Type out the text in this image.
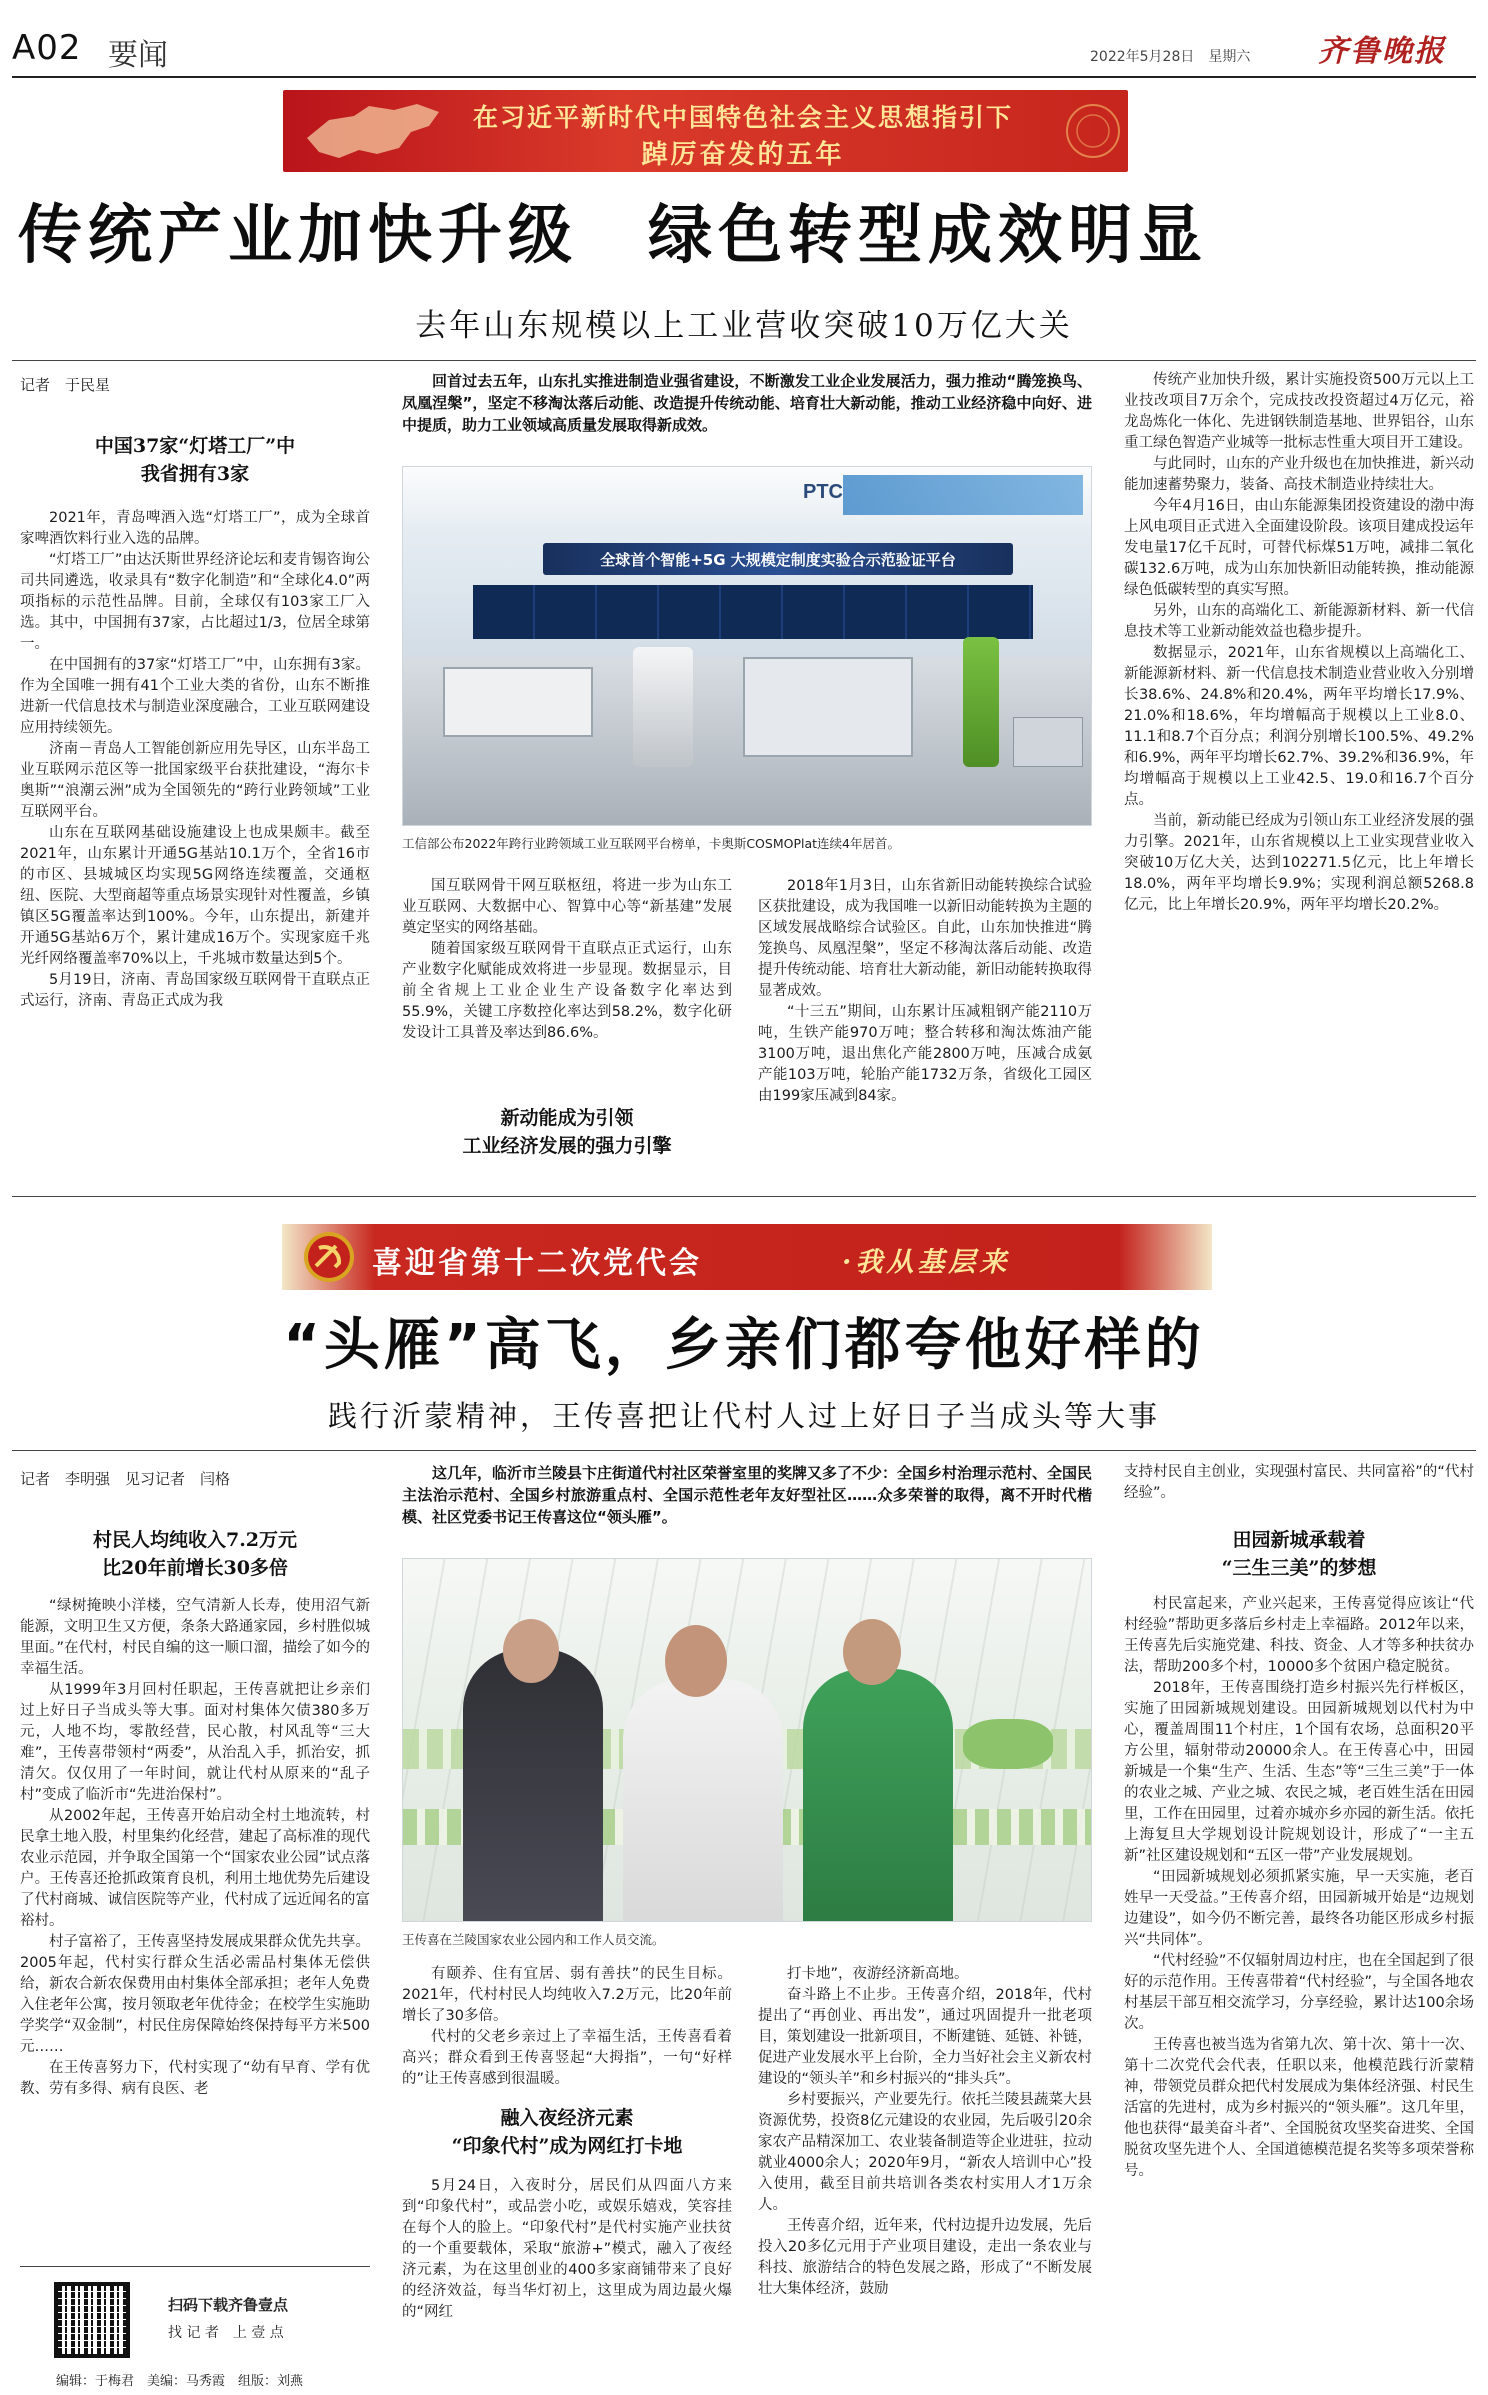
A02 要闻	2022年5月28日　星期六 齐鲁晚报
在习近平新时代中国特色社会主义思想指引下
踔厉奋发的五年
传统产业加快升级　绿色转型成效明显
去年山东规模以上工业营收突破10万亿大关
记者　于民星
中国37家“灯塔工厂”中
我省拥有3家

2021年，青岛啤酒入选“灯塔工厂”，成为全球首家啤酒饮料行业入选的品牌。

“灯塔工厂”由达沃斯世界经济论坛和麦肯锡咨询公司共同遴选，收录具有“数字化制造”和“全球化4.0”两项指标的示范性品牌。目前，全球仅有103家工厂入选。其中，中国拥有37家，占比超过1/3，位居全球第一。

在中国拥有的37家“灯塔工厂”中，山东拥有3家。作为全国唯一拥有41个工业大类的省份，山东不断推进新一代信息技术与制造业深度融合，工业互联网建设应用持续领先。

济南－青岛人工智能创新应用先导区，山东半岛工业互联网示范区等一批国家级平台获批建设，“海尔卡奥斯”“浪潮云洲”成为全国领先的“跨行业跨领域”工业互联网平台。

山东在互联网基础设施建设上也成果颇丰。截至2021年，山东累计开通5G基站10.1万个，全省16市的市区、县城城区均实现5G网络连续覆盖，交通枢纽、医院、大型商超等重点场景实现针对性覆盖，乡镇镇区5G覆盖率达到100%。今年，山东提出，新建并开通5G基站6万个，累计建成16万个。实现家庭千兆光纤网络覆盖率70%以上，千兆城市数量达到5个。

5月19日，济南、青岛国家级互联网骨干直联点正式运行，济南、青岛正式成为我

回首过去五年，山东扎实推进制造业强省建设，不断激发工业企业发展活力，强力推动“腾笼换鸟、凤凰涅槃”，坚定不移淘汰落后动能、改造提升传统动能、培育壮大新动能，推动工业经济稳中向好、进中提质，助力工业领域高质量发展取得新成效。
PTC
全球首个智能+5G 大规模定制度实验合示范验证平台
工信部公布2022年跨行业跨领域工业互联网平台榜单，卡奥斯COSMOPlat连续4年居首。

国互联网骨干网互联枢纽，将进一步为山东工业互联网、大数据中心、智算中心等“新基建”发展奠定坚实的网络基础。

随着国家级互联网骨干直联点正式运行，山东产业数字化赋能成效将进一步显现。数据显示，目前全省规上工业企业生产设备数字化率达到55.9%，关键工序数控化率达到58.2%，数字化研发设计工具普及率达到86.6%。

新动能成为引领
工业经济发展的强力引擎

2018年1月3日，山东省新旧动能转换综合试验区获批建设，成为我国唯一以新旧动能转换为主题的区域发展战略综合试验区。自此，山东加快推进“腾笼换鸟、凤凰涅槃”，坚定不移淘汰落后动能、改造提升传统动能、培育壮大新动能，新旧动能转换取得显著成效。

“十三五”期间，山东累计压减粗钢产能2110万吨，生铁产能970万吨；整合转移和淘汰炼油产能3100万吨，退出焦化产能2800万吨，压减合成氨产能103万吨，轮胎产能1732万条，省级化工园区由199家压减到84家。

传统产业加快升级，累计实施投资500万元以上工业技改项目7万余个，完成技改投资超过4万亿元，裕龙岛炼化一体化、先进钢铁制造基地、世界铝谷，山东重工绿色智造产业城等一批标志性重大项目开工建设。

与此同时，山东的产业升级也在加快推进，新兴动能加速蓄势聚力，装备、高技术制造业持续壮大。

今年4月16日，由山东能源集团投资建设的渤中海上风电项目正式进入全面建设阶段。该项目建成投运年发电量17亿千瓦时，可替代标煤51万吨，减排二氧化碳132.6万吨，成为山东加快新旧动能转换，推动能源绿色低碳转型的真实写照。

另外，山东的高端化工、新能源新材料、新一代信息技术等工业新动能效益也稳步提升。

数据显示，2021年，山东省规模以上高端化工、新能源新材料、新一代信息技术制造业营业收入分别增长38.6%、24.8%和20.4%，两年平均增长17.9%、21.0%和18.6%，年均增幅高于规模以上工业8.0、11.1和8.7个百分点；利润分别增长100.5%、49.2%和6.9%，两年平均增长62.7%、39.2%和36.9%，年均增幅高于规模以上工业42.5、19.0和16.7个百分点。

当前，新动能已经成为引领山东工业经济发展的强力引擎。2021年，山东省规模以上工业实现营业收入突破10万亿大关，达到102271.5亿元，比上年增长18.0%，两年平均增长9.9%；实现利润总额5268.8亿元，比上年增长20.9%，两年平均增长20.2%。

喜迎省第十二次党代会	·我从基层来
“头雁”高飞，乡亲们都夸他好样的
践行沂蒙精神，王传喜把让代村人过上好日子当成头等大事
记者　李明强　见习记者　闫格
村民人均纯收入7.2万元
比20年前增长30多倍

“绿树掩映小洋楼，空气清新人长寿，使用沼气新能源，文明卫生又方便，条条大路通家园，乡村胜似城里面。”在代村，村民自编的这一顺口溜，描绘了如今的幸福生活。

从1999年3月回村任职起，王传喜就把让乡亲们过上好日子当成头等大事。面对村集体欠债380多万元，人地不均，零散经营，民心散，村风乱等“三大难”，王传喜带领村“两委”，从治乱入手，抓治安，抓清欠。仅仅用了一年时间，就让代村从原来的“乱子村”变成了临沂市“先进治保村”。

从2002年起，王传喜开始启动全村土地流转，村民拿土地入股，村里集约化经营，建起了高标准的现代农业示范园，并争取全国第一个“国家农业公园”试点落户。王传喜还抢抓政策育良机，利用土地优势先后建设了代村商城、诚信医院等产业，代村成了远近闻名的富裕村。

村子富裕了，王传喜坚持发展成果群众优先共享。2005年起，代村实行群众生活必需品村集体无偿供给，新农合新农保费用由村集体全部承担；老年人免费入住老年公寓，按月领取老年优待金；在校学生实施助学奖学“双金制”，村民住房保障始终保持每平方米500元……

在王传喜努力下，代村实现了“幼有早育、学有优教、劳有多得、病有良医、老

这几年，临沂市兰陵县卞庄街道代村社区荣誉室里的奖牌又多了不少：全国乡村治理示范村、全国民主法治示范村、全国乡村旅游重点村、全国示范性老年友好型社区……众多荣誉的取得，离不开时代楷模、社区党委书记王传喜这位“领头雁”。
王传喜在兰陵国家农业公园内和工作人员交流。

有颐养、住有宜居、弱有善扶”的民生目标。2021年，代村村民人均纯收入7.2万元，比20年前增长了30多倍。

代村的父老乡亲过上了幸福生活，王传喜看着高兴；群众看到王传喜竖起“大拇指”，一句“好样的”让王传喜感到很温暖。

融入夜经济元素
“印象代村”成为网红打卡地

5月24日，入夜时分，居民们从四面八方来到“印象代村”，或品尝小吃，或娱乐嬉戏，笑容挂在每个人的脸上。“印象代村”是代村实施产业扶贫的一个重要载体，采取“旅游+”模式，融入了夜经济元素，为在这里创业的400多家商铺带来了良好的经济效益，每当华灯初上，这里成为周边最火爆的“网红

打卡地”，夜游经济新高地。

奋斗路上不止步。王传喜介绍，2018年，代村提出了“再创业、再出发”，通过巩固提升一批老项目，策划建设一批新项目，不断建链、延链、补链，促进产业发展水平上台阶，全力当好社会主义新农村建设的“领头羊”和乡村振兴的“排头兵”。

乡村要振兴，产业要先行。依托兰陵县蔬菜大县资源优势，投资8亿元建设的农业园，先后吸引20余家农产品精深加工、农业装备制造等企业进驻，拉动就业4000余人；2020年9月，“新农人培训中心”投入使用，截至目前共培训各类农村实用人才1万余人。

王传喜介绍，近年来，代村边提升边发展，先后投入20多亿元用于产业项目建设，走出一条农业与科技、旅游结合的特色发展之路，形成了“不断发展壮大集体经济，鼓励

支持村民自主创业，实现强村富民、共同富裕”的“代村经验”。
田园新城承载着
“三生三美”的梦想

村民富起来，产业兴起来，王传喜觉得应该让“代村经验”帮助更多落后乡村走上幸福路。2012年以来，王传喜先后实施党建、科技、资金、人才等多种扶贫办法，帮助200多个村，10000多个贫困户稳定脱贫。

2018年，王传喜围绕打造乡村振兴先行样板区，实施了田园新城规划建设。田园新城规划以代村为中心，覆盖周围11个村庄，1个国有农场，总面积20平方公里，辐射带动20000余人。在王传喜心中，田园新城是一个集“生产、生活、生态”等“三生三美”于一体的农业之城、产业之城、农民之城，老百姓生活在田园里，工作在田园里，过着亦城亦乡亦园的新生活。依托上海复旦大学规划设计院规划设计，形成了“一主五新”社区建设规划和“五区一带”产业发展规划。

“田园新城规划必须抓紧实施，早一天实施，老百姓早一天受益。”王传喜介绍，田园新城开始是“边规划边建设”，如今仍不断完善，最终各功能区形成乡村振兴“共同体”。

“代村经验”不仅辐射周边村庄，也在全国起到了很好的示范作用。王传喜带着“代村经验”，与全国各地农村基层干部互相交流学习，分享经验，累计达100余场次。

王传喜也被当选为省第九次、第十次、第十一次、第十二次党代会代表，任职以来，他模范践行沂蒙精神，带领党员群众把代村发展成为集体经济强、村民生活富的先进村，成为乡村振兴的“领头雁”。这几年里，他也获得“最美奋斗者”、全国脱贫攻坚奖奋进奖、全国脱贫攻坚先进个人、全国道德模范提名奖等多项荣誉称号。

扫码下载齐鲁壹点
找 记 者　上 壹 点
编辑：于梅君　美编：马秀霞　组版：刘燕
